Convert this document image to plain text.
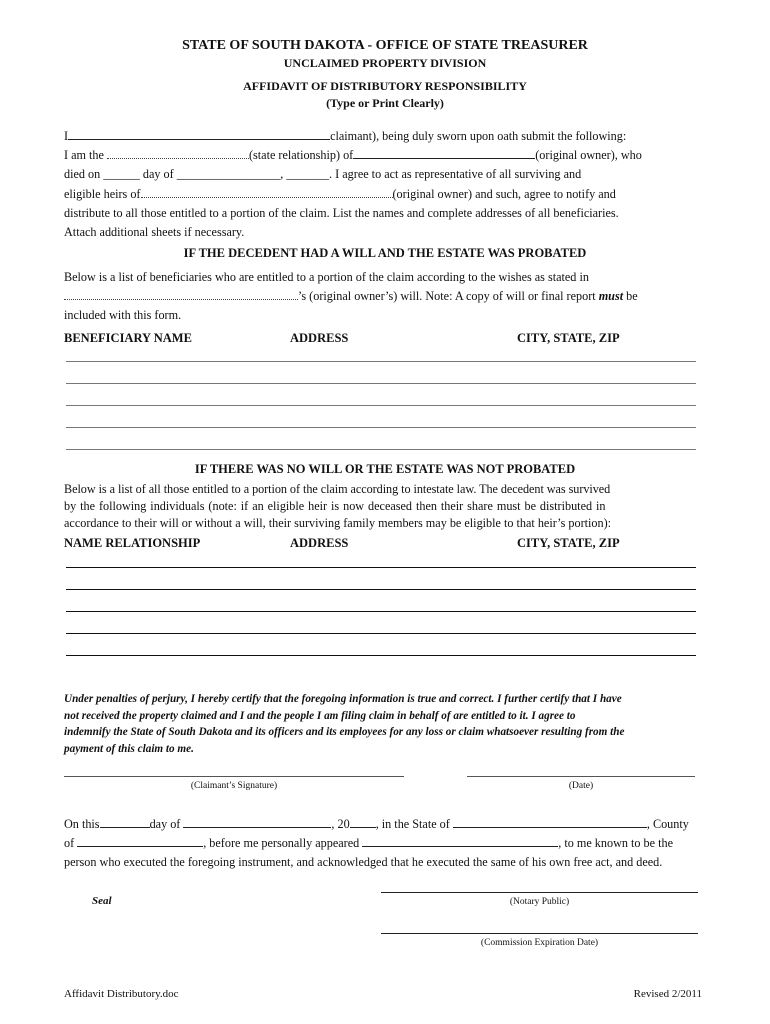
STATE OF SOUTH DAKOTA - OFFICE OF STATE TREASURER
UNCLAIMED PROPERTY DIVISION
AFFIDAVIT OF DISTRIBUTORY RESPONSIBILITY
(Type or Print Clearly)
I	claimant), being duly sworn upon oath submit the following:
I am the	(state relationship) of	(original owner), who
died on ______ day of _________________, _______. I agree to act as representative of all surviving and
eligible heirs of	(original owner) and such, agree to notify and
distribute to all those entitled to a portion of the claim. List the names and complete addresses of all beneficiaries.
Attach additional sheets if necessary.
IF THE DECEDENT HAD A WILL AND THE ESTATE WAS PROBATED
Below is a list of beneficiaries who are entitled to a portion of the claim according to the wishes as stated in
’s (original owner’s) will. Note: A copy of will or final report must be
included with this form.
BENEFICIARY NAME	ADDRESS	CITY, STATE, ZIP
IF THERE WAS NO WILL OR THE ESTATE WAS NOT PROBATED
Below is a list of all those entitled to a portion of the claim according to intestate law. The decedent was survived
by the following individuals (note: if an eligible heir is now deceased then their share must be distributed in
accordance to their will or without a will, their surviving family members may be eligible to that heir’s portion):
NAME RELATIONSHIP	ADDRESS	CITY, STATE, ZIP
Under penalties of perjury, I hereby certify that the foregoing information is true and correct. I further certify that I have
not received the property claimed and I and the people I am filing claim in behalf of are entitled to it. I agree to
indemnify the State of South Dakota and its officers and its employees for any loss or claim whatsoever resulting from the
payment of this claim to me.
(Claimant’s Signature)	(Date)
On this	day of	, 20 , in the State of	, County
of	, before me personally appeared	, to me known to be the
person who executed the foregoing instrument, and acknowledged that he executed the same of his own free act, and deed.
Seal	(Notary Public)
(Commission Expiration Date)
Affidavit Distributory.doc	Revised 2/2011
